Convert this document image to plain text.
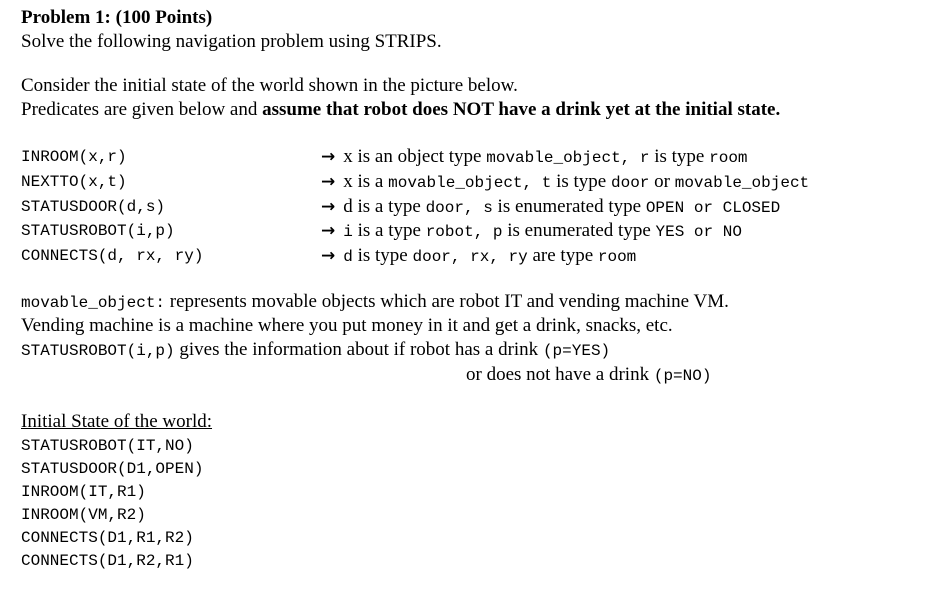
Problem 1: (100 Points)
Solve the following navigation problem using STRIPS.
Consider the initial state of the world shown in the picture below.
Predicates are given below and assume that robot does NOT have a drink yet at the initial state.
INROOM(x,r)
NEXTTO(x,t)
STATUSDOOR(d,s)
STATUSROBOT(i,p)
CONNECTS(d, rx, ry)
→ x is an object type movable_object, r is type room
→ x is a movable_object, t is type door or movable_object
→ d is a type door, s is enumerated type OPEN or CLOSED
→ i is a type robot, p is enumerated type YES or NO
→ d is type door, rx, ry are type room
movable_object: represents movable objects which are robot IT and vending machine VM.
Vending machine is a machine where you put money in it and get a drink, snacks, etc.
STATUSROBOT(i,p) gives the information about if robot has a drink (p=YES)
or does not have a drink (p=NO)
Initial State of the world:
STATUSROBOT(IT,NO)
STATUSDOOR(D1,OPEN)
INROOM(IT,R1)
INROOM(VM,R2)
CONNECTS(D1,R1,R2)
CONNECTS(D1,R2,R1)
